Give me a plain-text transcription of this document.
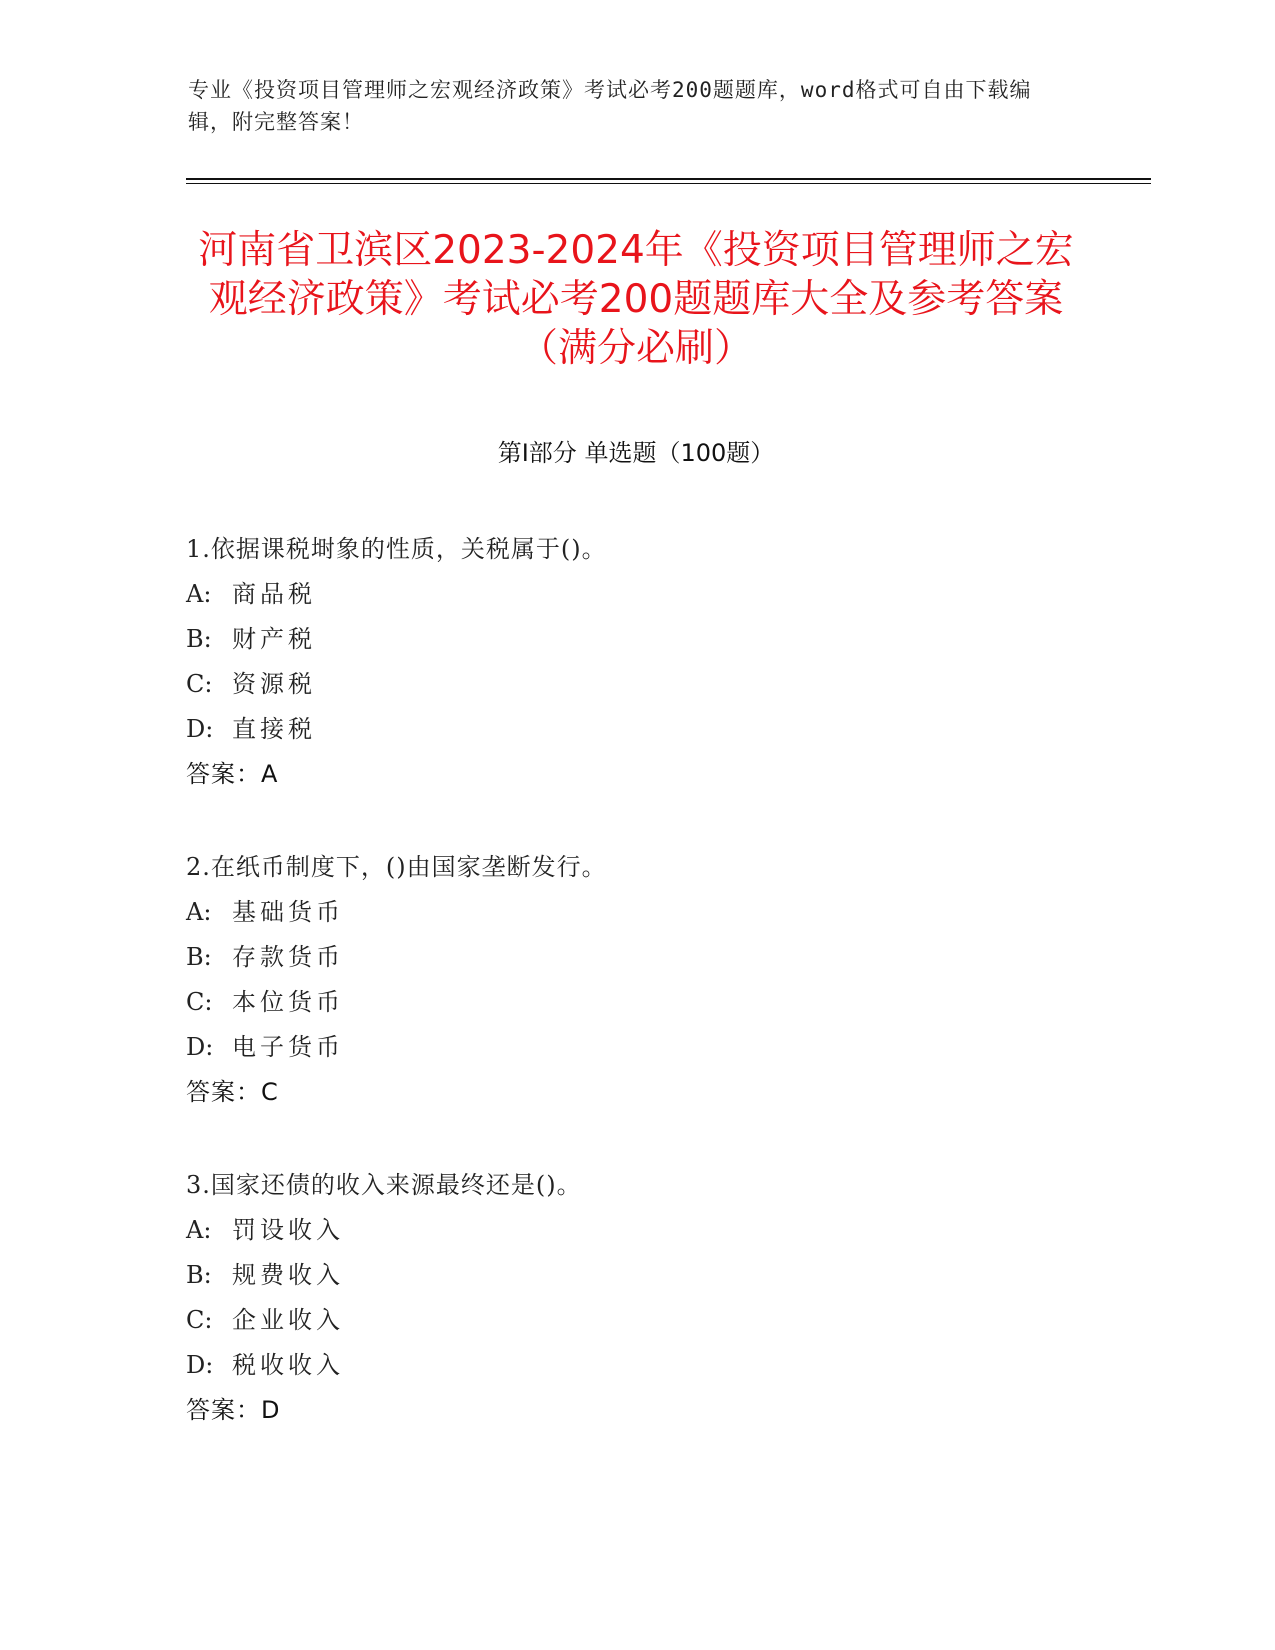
专业《投资项目管理师之宏观经济政策》考试必考200题题库，word格式可自由下载编辑，附完整答案！

河南省卫滨区2023-2024年《投资项目管理师之宏观经济政策》考试必考200题题库大全及参考答案（满分必刷）
第Ⅰ部分 单选题（100题）
1.依据课税埘象的性质，关税属于()。
A: 商品税
B: 财产税
C: 资源税
D: 直接税
答案：A
2.在纸币制度下，()由国家垄断发行。
A: 基础货币
B: 存款货币
C: 本位货币
D: 电子货币
答案：C
3.国家还债的收入来源最终还是()。
A: 罚设收入
B: 规费收入
C: 企业收入
D: 税收收入
答案：D
